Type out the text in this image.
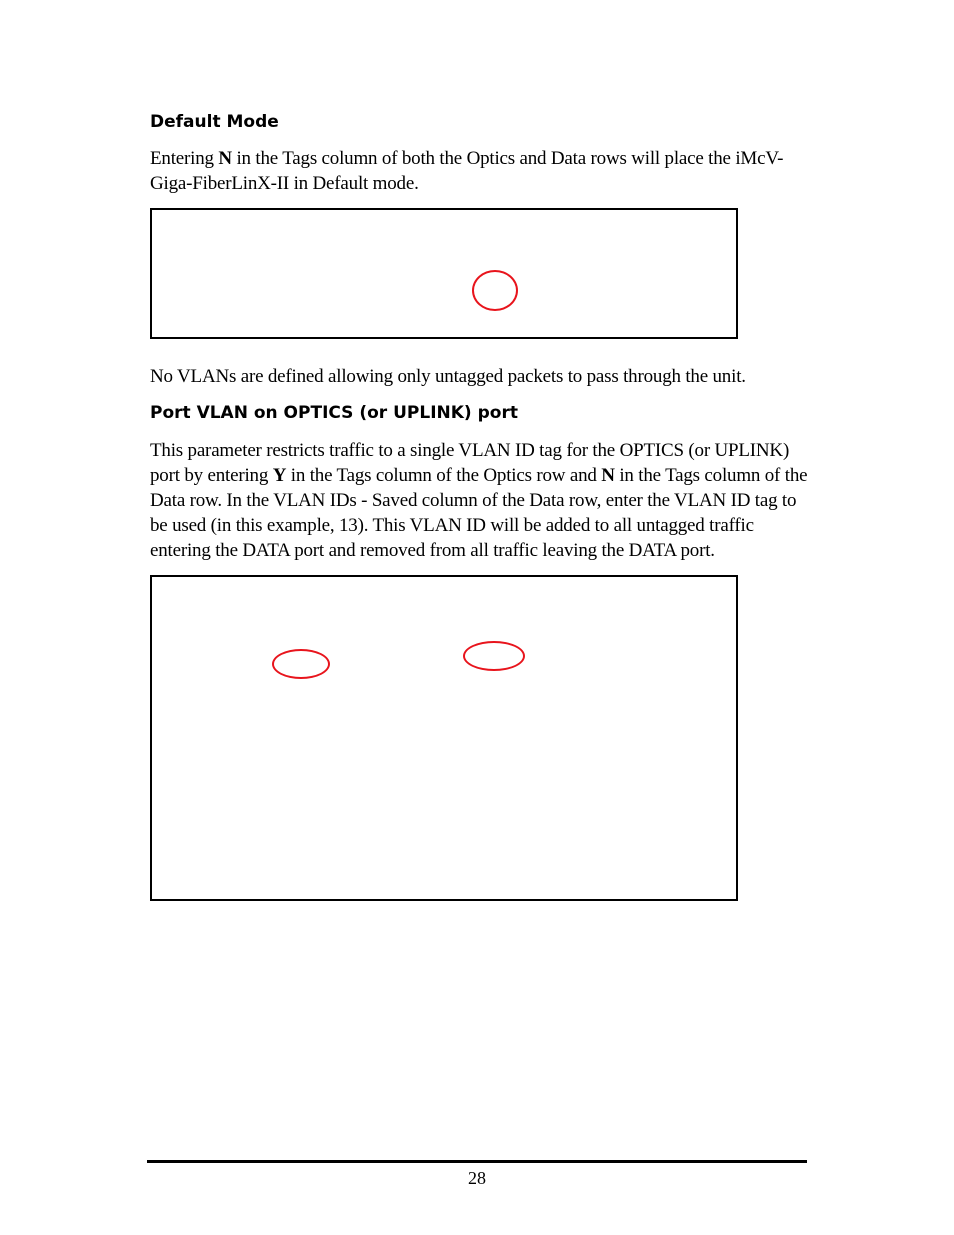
Default Mode

Entering N in the Tags column of both the Optics and Data rows will place the iMcV-Giga-FiberLinX-II in Default mode.

No VLANs are defined allowing only untagged packets to pass through the unit.

Port VLAN on OPTICS (or UPLINK) port

This parameter restricts traffic to a single VLAN ID tag for the OPTICS (or UPLINK) port by entering Y in the Tags column of the Optics row and N in the Tags column of the Data row. In the VLAN IDs - Saved column of the Data row, enter the VLAN ID tag to be used (in this example, 13). This VLAN ID will be added to all untagged traffic entering the DATA port and removed from all traffic leaving the DATA port.

28
